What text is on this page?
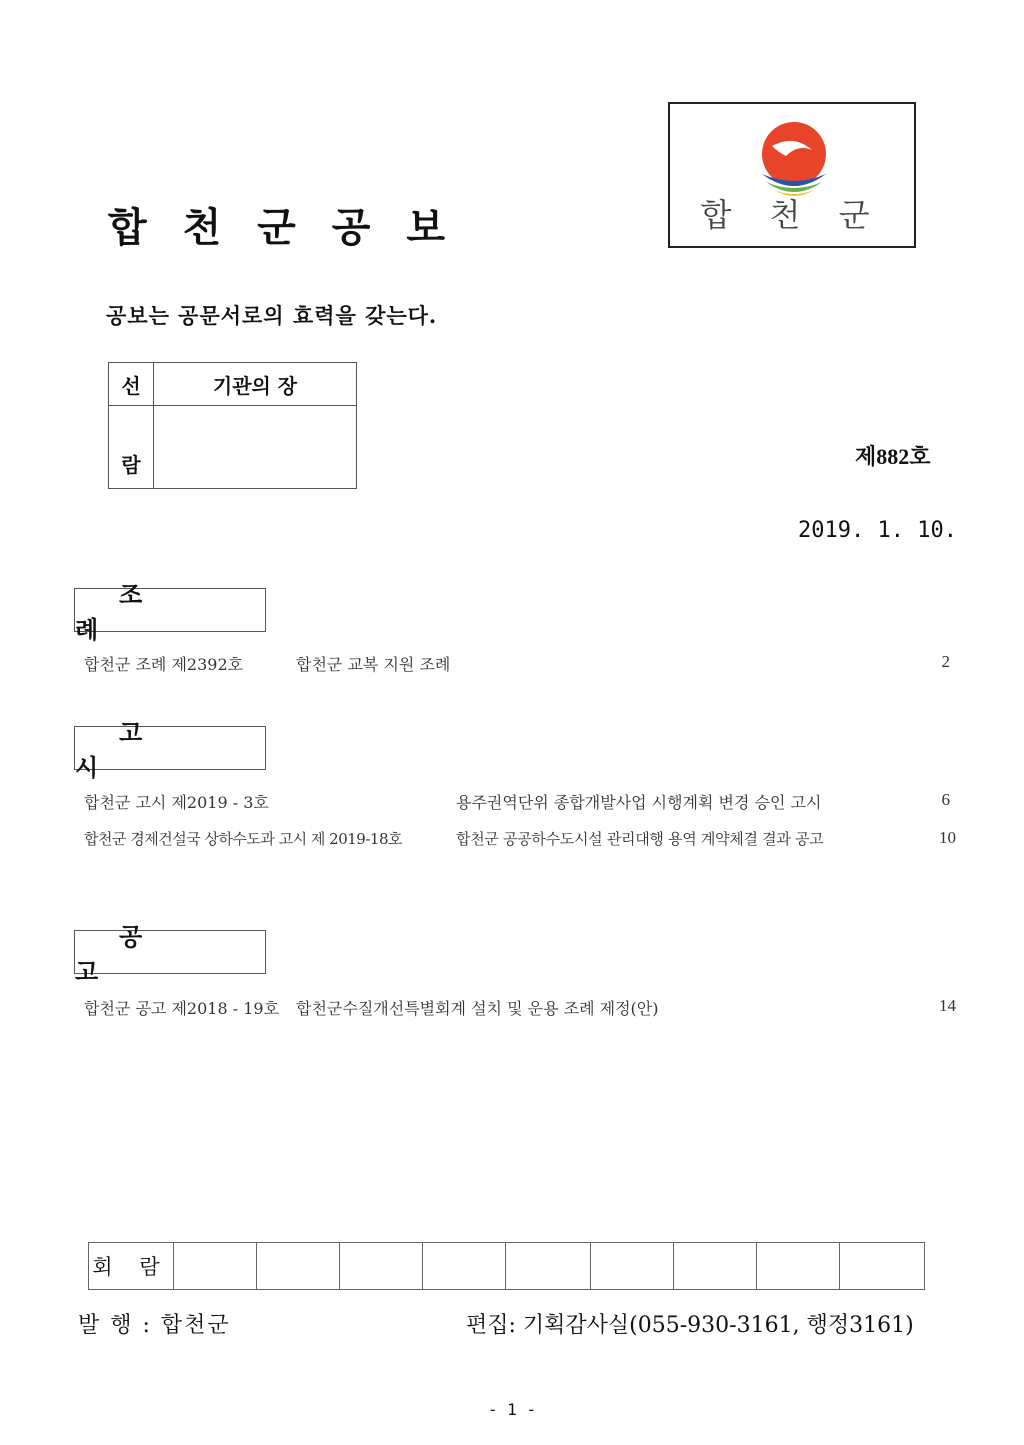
합 천 군 공 보	합 천 군
공보는 공문서로의 효력을 갖는다.
선	기관의 장
람		제882호
2019. 1. 10.
조 례
합천군 조례 제2392호	합천군 교복 지원 조례	2
고 시
합천군 고시 제2019 - 3호	용주권역단위 종합개발사업 시행계획 변경 승인 고시	6
합천군 경제건설국 상하수도과 고시 제 2019-18호	합천군 공공하수도시설 관리대행 용역 계약체결 결과 공고	10
공 고
합천군 공고 제2018 - 19호 합천군수질개선특별회계 설치 및 운용 조례 제정(안)	14
회 람									
발 행 : 합천군	편집: 기획감사실(055-930-3161, 행정3161)
- 1 -
